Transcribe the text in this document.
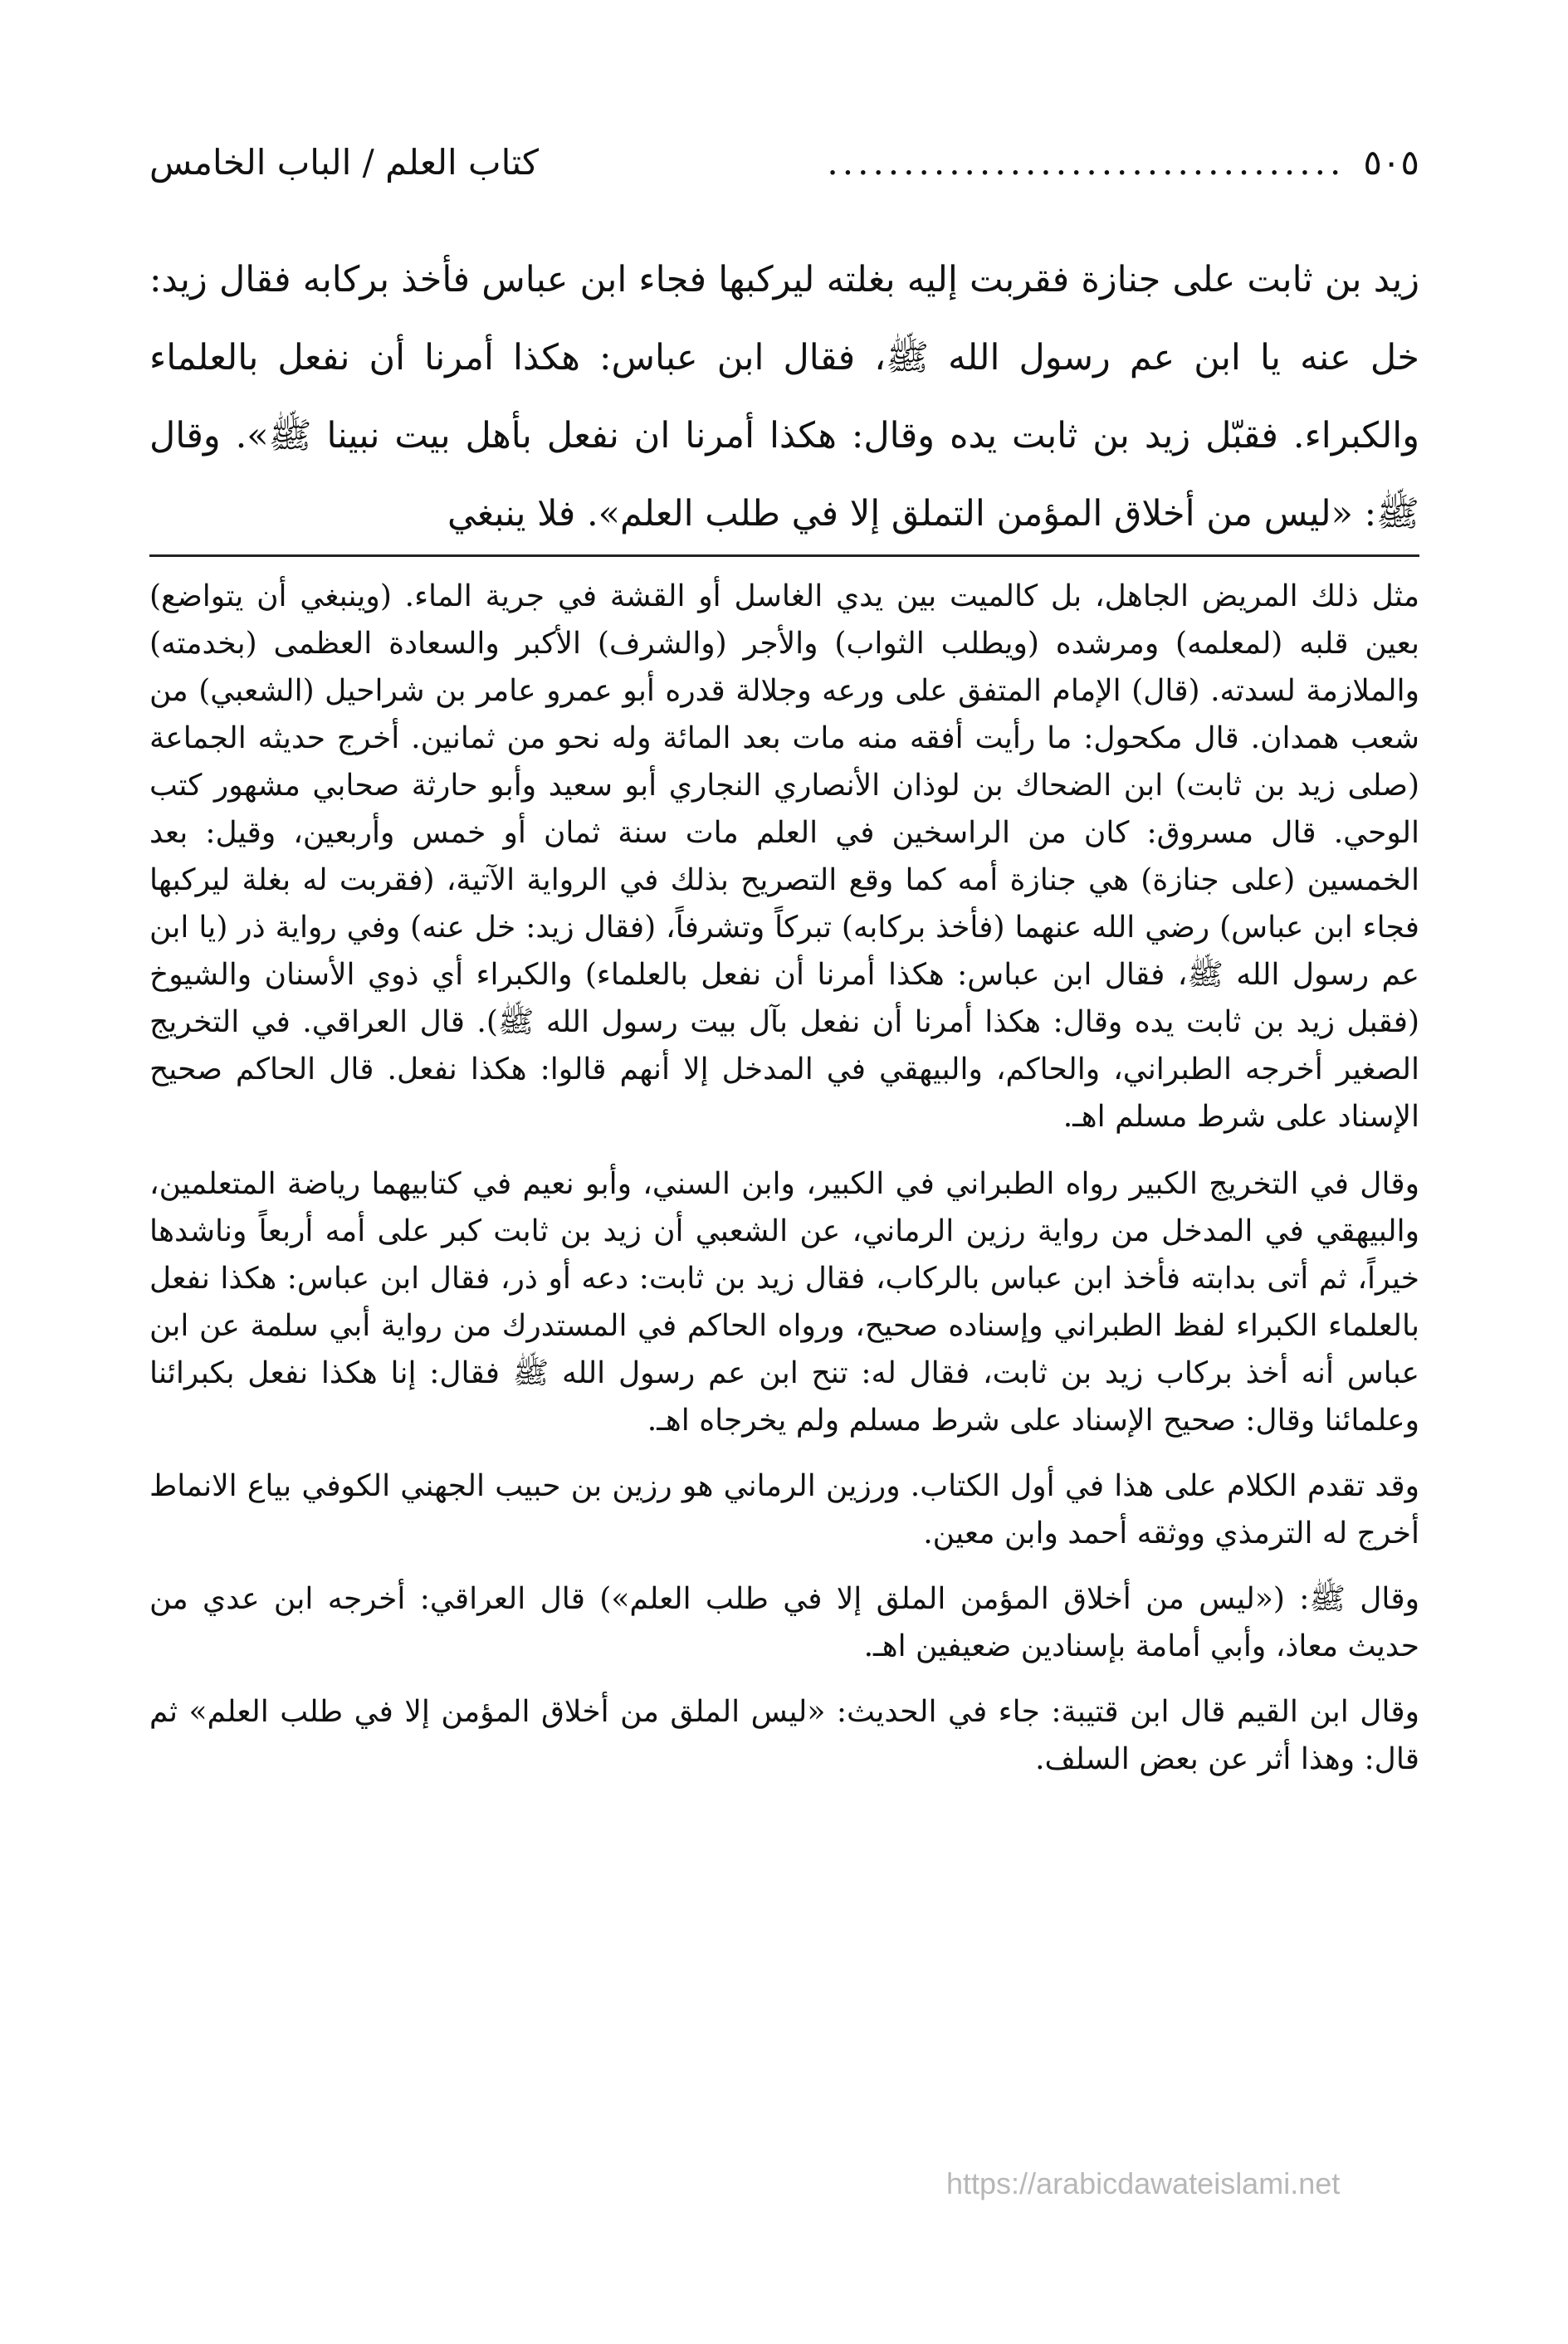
كتاب العلم / الباب الخامس	.................................. ٥٠٥

زيد بن ثابت على جنازة فقربت إليه بغلته ليركبها فجاء ابن عباس فأخذ بركابه فقال زيد: خل عنه يا ابن عم رسول الله ﷺ، فقال ابن عباس: هكذا أمرنا أن نفعل بالعلماء والكبراء. فقبّل زيد بن ثابت يده وقال: هكذا أمرنا ان نفعل بأهل بيت نبينا ﷺ». وقال ﷺ: «ليس من أخلاق المؤمن التملق إلا في طلب العلم». فلا ينبغي

مثل ذلك المريض الجاهل، بل كالميت بين يدي الغاسل أو القشة في جرية الماء. (وينبغي أن يتواضع) بعين قلبه (لمعلمه) ومرشده (ويطلب الثواب) والأجر (والشرف) الأكبر والسعادة العظمى (بخدمته) والملازمة لسدته. (قال) الإمام المتفق على ورعه وجلالة قدره أبو عمرو عامر بن شراحيل (الشعبي) من شعب همدان. قال مكحول: ما رأيت أفقه منه مات بعد المائة وله نحو من ثمانين. أخرج حديثه الجماعة (صلى زيد بن ثابت) ابن الضحاك بن لوذان الأنصاري النجاري أبو سعيد وأبو حارثة صحابي مشهور كتب الوحي. قال مسروق: كان من الراسخين في العلم مات سنة ثمان أو خمس وأربعين، وقيل: بعد الخمسين (على جنازة) هي جنازة أمه كما وقع التصريح بذلك في الرواية الآتية، (فقربت له بغلة ليركبها فجاء ابن عباس) رضي الله عنهما (فأخذ بركابه) تبركاً وتشرفاً، (فقال زيد: خل عنه) وفي رواية ذر (يا ابن عم رسول الله ﷺ، فقال ابن عباس: هكذا أمرنا أن نفعل بالعلماء) والكبراء أي ذوي الأسنان والشيوخ (فقبل زيد بن ثابت يده وقال: هكذا أمرنا أن نفعل بآل بيت رسول الله ﷺ). قال العراقي. في التخريج الصغير أخرجه الطبراني، والحاكم، والبيهقي في المدخل إلا أنهم قالوا: هكذا نفعل. قال الحاكم صحيح الإسناد على شرط مسلم اهـ.

وقال في التخريج الكبير رواه الطبراني في الكبير، وابن السني، وأبو نعيم في كتابيهما رياضة المتعلمين، والبيهقي في المدخل من رواية رزين الرماني، عن الشعبي أن زيد بن ثابت كبر على أمه أربعاً وناشدها خيراً، ثم أتى بدابته فأخذ ابن عباس بالركاب، فقال زيد بن ثابت: دعه أو ذر، فقال ابن عباس: هكذا نفعل بالعلماء الكبراء لفظ الطبراني وإسناده صحيح، ورواه الحاكم في المستدرك من رواية أبي سلمة عن ابن عباس أنه أخذ بركاب زيد بن ثابت، فقال له: تنح ابن عم رسول الله ﷺ فقال: إنا هكذا نفعل بكبرائنا وعلمائنا وقال: صحيح الإسناد على شرط مسلم ولم يخرجاه اهـ.

وقد تقدم الكلام على هذا في أول الكتاب. ورزين الرماني هو رزين بن حبيب الجهني الكوفي بياع الانماط أخرج له الترمذي ووثقه أحمد وابن معين.

وقال ﷺ: («ليس من أخلاق المؤمن الملق إلا في طلب العلم») قال العراقي: أخرجه ابن عدي من حديث معاذ، وأبي أمامة بإسنادين ضعيفين اهـ.

وقال ابن القيم قال ابن قتيبة: جاء في الحديث: «ليس الملق من أخلاق المؤمن إلا في طلب العلم» ثم قال: وهذا أثر عن بعض السلف.

https://arabicdawateislami.net
